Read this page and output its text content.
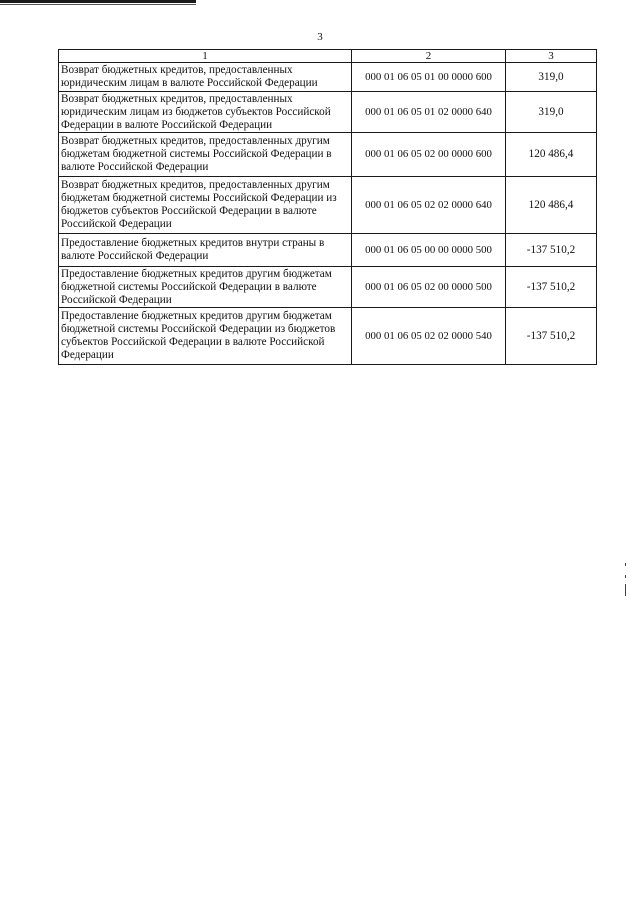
3
1	2	3
Возврат бюджетных кредитов, предоставленных юридическим лицам в валюте Российской Федерации	000 01 06 05 01 00 0000 600	319,0
Возврат бюджетных кредитов, предоставленных юридическим лицам из бюджетов субъектов Российской Федерации в валюте Российской Федерации	000 01 06 05 01 02 0000 640	319,0
Возврат бюджетных кредитов, предоставленных другим бюджетам бюджетной системы Российской Федерации в валюте Российской Федерации	000 01 06 05 02 00 0000 600	120 486,4
Возврат бюджетных кредитов, предоставленных другим бюджетам бюджетной системы Российской Федерации из бюджетов субъектов Российской Федерации в валюте Российской Федерации	000 01 06 05 02 02 0000 640	120 486,4
Предоставление бюджетных кредитов внутри страны в валюте Российской Федерации	000 01 06 05 00 00 0000 500	-137 510,2
Предоставление бюджетных кредитов другим бюджетам бюджетной системы Российской Федерации в валюте Российской Федерации	000 01 06 05 02 00 0000 500	-137 510,2
Предоставление бюджетных кредитов другим бюджетам бюджетной системы Российской Федерации из бюджетов субъектов Российской Федерации в валюте Российской Федерации	000 01 06 05 02 02 0000 540	-137 510,2
